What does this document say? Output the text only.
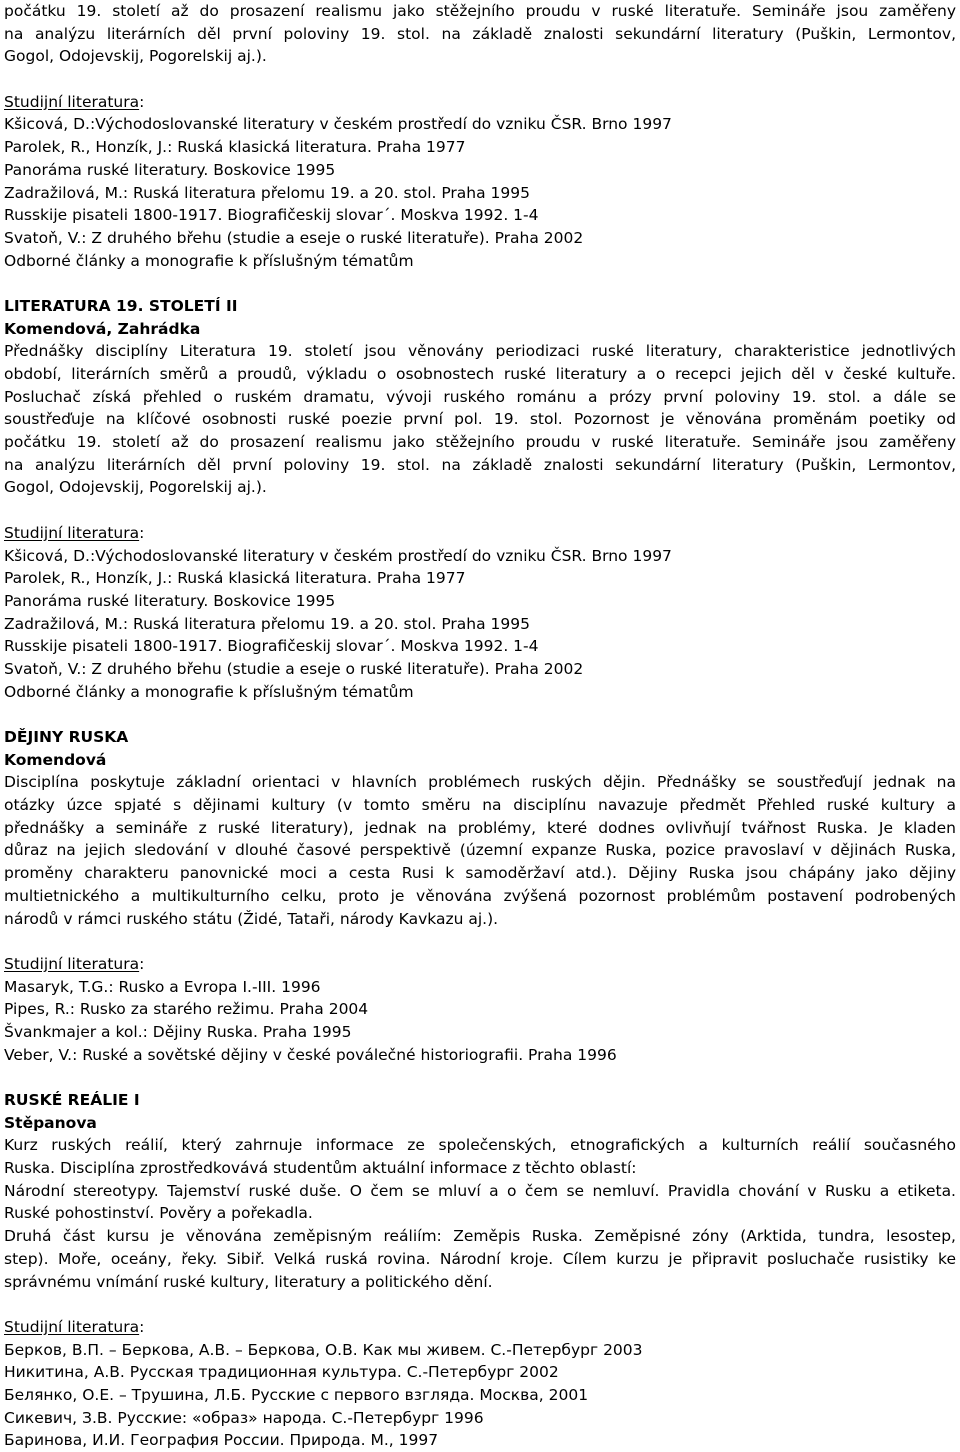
počátku 19. století až do prosazení realismu jako stěžejního proudu v ruské literatuře. Semináře jsou zaměřeny
na analýzu literárních děl první poloviny 19. stol. na základě znalosti sekundární literatury (Puškin, Lermontov,
Gogol, Odojevskij, Pogorelskij aj.).
Studijní literatura:
Kšicová, D.:Východoslovanské literatury v českém prostředí do vzniku ČSR. Brno 1997
Parolek, R., Honzík, J.: Ruská klasická literatura. Praha 1977
Panoráma ruské literatury. Boskovice 1995
Zadražilová, M.: Ruská literatura přelomu 19. a 20. stol. Praha 1995
Russkije pisateli 1800-1917. Biografičeskij slovar´. Moskva 1992. 1-4
Svatoň, V.: Z druhého břehu (studie a eseje o ruské literatuře). Praha 2002
Odborné články a monografie k příslušným tématům
LITERATURA 19. STOLETÍ II
Komendová, Zahrádka
Přednášky disciplíny Literatura 19. století jsou věnovány periodizaci ruské literatury, charakteristice jednotlivých
období, literárních směrů a proudů, výkladu o osobnostech ruské literatury a o recepci jejich děl v české kultuře.
Posluchač získá přehled o ruském dramatu, vývoji ruského románu a prózy první poloviny 19. stol. a dále se
soustřeďuje na klíčové osobnosti ruské poezie první pol. 19. stol. Pozornost je věnována proměnám poetiky od
počátku 19. století až do prosazení realismu jako stěžejního proudu v ruské literatuře. Semináře jsou zaměřeny
na analýzu literárních děl první poloviny 19. stol. na základě znalosti sekundární literatury (Puškin, Lermontov,
Gogol, Odojevskij, Pogorelskij aj.).
Studijní literatura:
Kšicová, D.:Východoslovanské literatury v českém prostředí do vzniku ČSR. Brno 1997
Parolek, R., Honzík, J.: Ruská klasická literatura. Praha 1977
Panoráma ruské literatury. Boskovice 1995
Zadražilová, M.: Ruská literatura přelomu 19. a 20. stol. Praha 1995
Russkije pisateli 1800-1917. Biografičeskij slovar´. Moskva 1992. 1-4
Svatoň, V.: Z druhého břehu (studie a eseje o ruské literatuře). Praha 2002
Odborné články a monografie k příslušným tématům
DĚJINY RUSKA
Komendová
Disciplína poskytuje základní orientaci v hlavních problémech ruských dějin. Přednášky se soustřeďují jednak na
otázky úzce spjaté s dějinami kultury (v tomto směru na disciplínu navazuje předmět Přehled ruské kultury a
přednášky a semináře z ruské literatury), jednak na problémy, které dodnes ovlivňují tvářnost Ruska. Je kladen
důraz na jejich sledování v dlouhé časové perspektivě (územní expanze Ruska, pozice pravoslaví v dějinách Ruska,
proměny charakteru panovnické moci a cesta Rusi k samoděržaví atd.). Dějiny Ruska jsou chápány jako dějiny
multietnického a multikulturního celku, proto je věnována zvýšená pozornost problémům postavení podrobených
národů v rámci ruského státu (Židé, Tataři, národy Kavkazu aj.).
Studijní literatura:
Masaryk, T.G.: Rusko a Evropa I.-III. 1996
Pipes, R.: Rusko za starého režimu. Praha 2004
Švankmajer a kol.: Dějiny Ruska. Praha 1995
Veber, V.: Ruské a sovětské dějiny v české poválečné historiografii. Praha 1996
RUSKÉ REÁLIE I
Stěpanova
Kurz ruských reálií, který zahrnuje informace ze společenských, etnografických a kulturních reálií současného
Ruska. Disciplína zprostředkovává studentům aktuální informace z těchto oblastí:
Národní stereotypy. Tajemství ruské duše. O čem se mluví a o čem se nemluví. Pravidla chování v Rusku a etiketa.
Ruské pohostinství. Pověry a pořekadla.
Druhá část kursu je věnována zeměpisným reáliím: Zeměpis Ruska. Zeměpisné zóny (Arktida, tundra, lesostep,
step). Moře, oceány, řeky. Sibiř. Velká ruská rovina. Národní kroje. Cílem kurzu je připravit posluchače rusistiky ke
správnému vnímání ruské kultury, literatury a politického dění.
Studijní literatura:
Берков, В.П. – Беркова, А.В. – Беркова, О.В. Как мы живем. С.-Петербург 2003
Никитина, А.В. Русская традиционная культура. С.-Петербург 2002
Белянко, О.Е. – Трушина, Л.Б. Русские с первого взгляда. Москва, 2001
Сикевич, З.В. Русские: «образ» народа. С.-Петербург 1996
Баринова, И.И. География России. Природа. М., 1997
